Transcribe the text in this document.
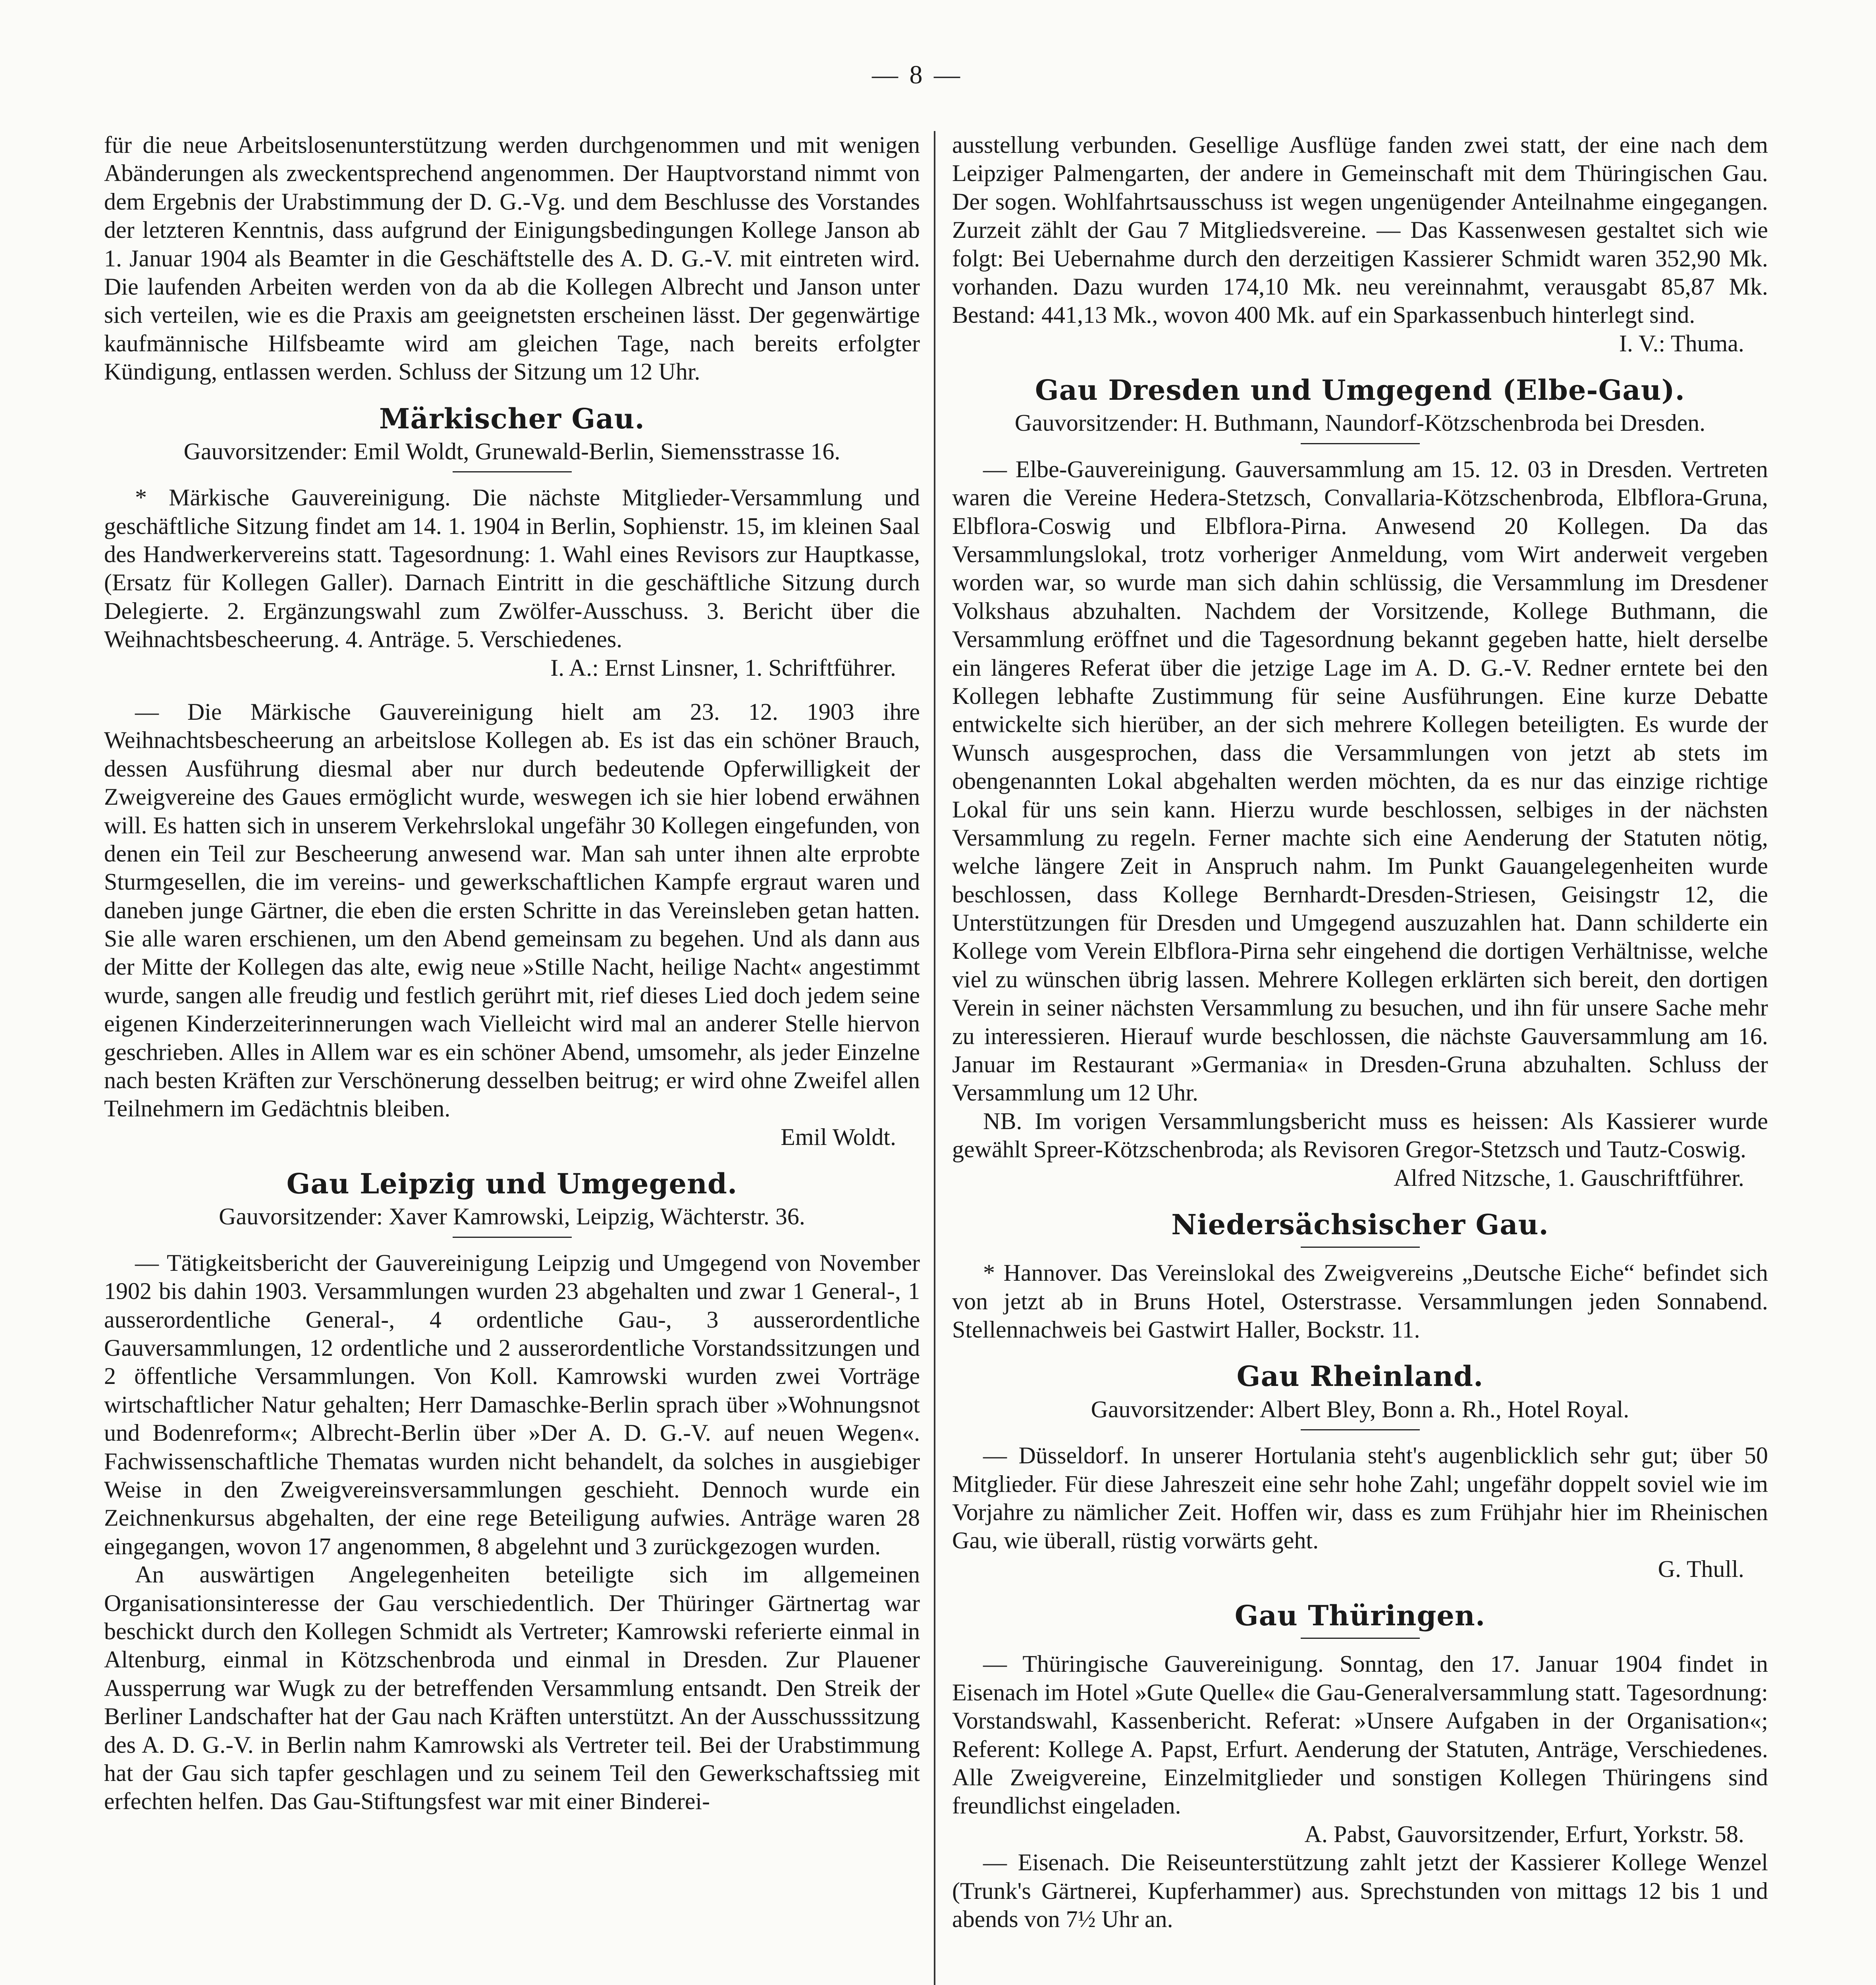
— 8 —

für die neue Arbeitslosenunterstützung werden durchgenommen und mit wenigen Abänderungen als zweckentsprechend angenommen. Der Hauptvorstand nimmt von dem Ergebnis der Urabstimmung der D. G.-Vg. und dem Beschlusse des Vorstandes der letzteren Kenntnis, dass aufgrund der Einigungsbedingungen Kollege Janson ab 1. Januar 1904 als Beamter in die Geschäftstelle des A. D. G.-V. mit eintreten wird. Die laufenden Arbeiten werden von da ab die Kollegen Albrecht und Janson unter sich verteilen, wie es die Praxis am geeignetsten erscheinen lässt. Der gegenwärtige kaufmännische Hilfsbeamte wird am gleichen Tage, nach bereits erfolgter Kündigung, entlassen werden. Schluss der Sitzung um 12 Uhr.

Märkischer Gau.

Gauvorsitzender: Emil Woldt, Grunewald-Berlin, Siemensstrasse 16.

* Märkische Gauvereinigung. Die nächste Mitglieder-Versammlung und geschäftliche Sitzung findet am 14. 1. 1904 in Berlin, Sophienstr. 15, im kleinen Saal des Handwerkervereins statt. Tagesordnung: 1. Wahl eines Revisors zur Hauptkasse, (Ersatz für Kollegen Galler). Darnach Eintritt in die geschäftliche Sitzung durch Delegierte. 2. Ergänzungswahl zum Zwölfer-Ausschuss. 3. Bericht über die Weihnachtsbescheerung. 4. Anträge. 5. Verschiedenes.

I. A.: Ernst Linsner, 1. Schriftführer.

— Die Märkische Gauvereinigung hielt am 23. 12. 1903 ihre Weihnachtsbescheerung an arbeitslose Kollegen ab. Es ist das ein schöner Brauch, dessen Ausführung diesmal aber nur durch bedeutende Opferwilligkeit der Zweigvereine des Gaues ermöglicht wurde, weswegen ich sie hier lobend erwähnen will. Es hatten sich in unserem Verkehrslokal ungefähr 30 Kollegen eingefunden, von denen ein Teil zur Bescheerung anwesend war. Man sah unter ihnen alte erprobte Sturmgesellen, die im vereins- und gewerkschaftlichen Kampfe ergraut waren und daneben junge Gärtner, die eben die ersten Schritte in das Vereinsleben getan hatten. Sie alle waren erschienen, um den Abend gemeinsam zu begehen. Und als dann aus der Mitte der Kollegen das alte, ewig neue »Stille Nacht, heilige Nacht« angestimmt wurde, sangen alle freudig und festlich gerührt mit, rief dieses Lied doch jedem seine eigenen Kinderzeiterinnerungen wach Vielleicht wird mal an anderer Stelle hiervon geschrieben. Alles in Allem war es ein schöner Abend, umsomehr, als jeder Einzelne nach besten Kräften zur Verschönerung desselben beitrug; er wird ohne Zweifel allen Teilnehmern im Gedächtnis bleiben.

Emil Woldt.

Gau Leipzig und Umgegend.

Gauvorsitzender: Xaver Kamrowski, Leipzig, Wächterstr. 36.

— Tätigkeitsbericht der Gauvereinigung Leipzig und Umgegend von November 1902 bis dahin 1903. Versammlungen wurden 23 abgehalten und zwar 1 General-, 1 ausserordentliche General-, 4 ordentliche Gau-, 3 ausserordentliche Gauversammlungen, 12 ordentliche und 2 ausserordentliche Vorstandssitzungen und 2 öffentliche Versammlungen. Von Koll. Kamrowski wurden zwei Vorträge wirtschaftlicher Natur gehalten; Herr Damaschke-Berlin sprach über »Wohnungsnot und Bodenreform«; Albrecht-Berlin über »Der A. D. G.-V. auf neuen Wegen«. Fachwissenschaftliche Thematas wurden nicht behandelt, da solches in ausgiebiger Weise in den Zweigvereinsversammlungen geschieht. Dennoch wurde ein Zeichnenkursus abgehalten, der eine rege Beteiligung aufwies. Anträge waren 28 eingegangen, wovon 17 angenommen, 8 abgelehnt und 3 zurückgezogen wurden.

An auswärtigen Angelegenheiten beteiligte sich im allgemeinen Organisationsinteresse der Gau verschiedentlich. Der Thüringer Gärtnertag war beschickt durch den Kollegen Schmidt als Vertreter; Kamrowski referierte einmal in Altenburg, einmal in Kötzschenbroda und einmal in Dresden. Zur Plauener Aussperrung war Wugk zu der betreffenden Versammlung entsandt. Den Streik der Berliner Landschafter hat der Gau nach Kräften unterstützt. An der Ausschusssitzung des A. D. G.-V. in Berlin nahm Kamrowski als Vertreter teil. Bei der Urabstimmung hat der Gau sich tapfer geschlagen und zu seinem Teil den Gewerkschaftssieg mit erfechten helfen. Das Gau-Stiftungsfest war mit einer Binderei-

ausstellung verbunden. Gesellige Ausflüge fanden zwei statt, der eine nach dem Leipziger Palmengarten, der andere in Gemeinschaft mit dem Thüringischen Gau. Der sogen. Wohlfahrtsausschuss ist wegen ungenügender Anteilnahme eingegangen. Zurzeit zählt der Gau 7 Mitgliedsvereine. — Das Kassenwesen gestaltet sich wie folgt: Bei Uebernahme durch den derzeitigen Kassierer Schmidt waren 352,90 Mk. vorhanden. Dazu wurden 174,10 Mk. neu vereinnahmt, verausgabt 85,87 Mk. Bestand: 441,13 Mk., wovon 400 Mk. auf ein Sparkassenbuch hinterlegt sind.

I. V.: Thuma.

Gau Dresden und Umgegend (Elbe-Gau).

Gauvorsitzender: H. Buthmann, Naundorf-Kötzschenbroda bei Dresden.

— Elbe-Gauvereinigung. Gauversammlung am 15. 12. 03 in Dresden. Vertreten waren die Vereine Hedera-Stetzsch, Convallaria-Kötzschenbroda, Elbflora-Gruna, Elbflora-Coswig und Elbflora-Pirna. Anwesend 20 Kollegen. Da das Versammlungslokal, trotz vorheriger Anmeldung, vom Wirt anderweit vergeben worden war, so wurde man sich dahin schlüssig, die Versammlung im Dresdener Volkshaus abzuhalten. Nachdem der Vorsitzende, Kollege Buthmann, die Versammlung eröffnet und die Tagesordnung bekannt gegeben hatte, hielt derselbe ein längeres Referat über die jetzige Lage im A. D. G.-V. Redner erntete bei den Kollegen lebhafte Zustimmung für seine Ausführungen. Eine kurze Debatte entwickelte sich hierüber, an der sich mehrere Kollegen beteiligten. Es wurde der Wunsch ausgesprochen, dass die Versammlungen von jetzt ab stets im obengenannten Lokal abgehalten werden möchten, da es nur das einzige richtige Lokal für uns sein kann. Hierzu wurde beschlossen, selbiges in der nächsten Versammlung zu regeln. Ferner machte sich eine Aenderung der Statuten nötig, welche längere Zeit in Anspruch nahm. Im Punkt Gauangelegenheiten wurde beschlossen, dass Kollege Bernhardt-Dresden-Striesen, Geisingstr 12, die Unterstützungen für Dresden und Umgegend auszuzahlen hat. Dann schilderte ein Kollege vom Verein Elbflora-Pirna sehr eingehend die dortigen Verhältnisse, welche viel zu wünschen übrig lassen. Mehrere Kollegen erklärten sich bereit, den dortigen Verein in seiner nächsten Versammlung zu besuchen, und ihn für unsere Sache mehr zu interessieren. Hierauf wurde beschlossen, die nächste Gauversammlung am 16. Januar im Restaurant »Germania« in Dresden-Gruna abzuhalten. Schluss der Versammlung um 12 Uhr.

NB. Im vorigen Versammlungsbericht muss es heissen: Als Kassierer wurde gewählt Spreer-Kötzschenbroda; als Revisoren Gregor-Stetzsch und Tautz-Coswig.

Alfred Nitzsche, 1. Gauschriftführer.

Niedersächsischer Gau.

* Hannover. Das Vereinslokal des Zweigvereins „Deutsche Eiche“ befindet sich von jetzt ab in Bruns Hotel, Osterstrasse. Versammlungen jeden Sonnabend. Stellennachweis bei Gastwirt Haller, Bockstr. 11.

Gau Rheinland.

Gauvorsitzender: Albert Bley, Bonn a. Rh., Hotel Royal.

— Düsseldorf. In unserer Hortulania steht's augenblicklich sehr gut; über 50 Mitglieder. Für diese Jahreszeit eine sehr hohe Zahl; ungefähr doppelt soviel wie im Vorjahre zu nämlicher Zeit. Hoffen wir, dass es zum Frühjahr hier im Rheinischen Gau, wie überall, rüstig vorwärts geht.

G. Thull.

Gau Thüringen.

— Thüringische Gauvereinigung. Sonntag, den 17. Januar 1904 findet in Eisenach im Hotel »Gute Quelle« die Gau-Generalversammlung statt. Tagesordnung: Vorstandswahl, Kassenbericht. Referat: »Unsere Aufgaben in der Organisation«; Referent: Kollege A. Papst, Erfurt. Aenderung der Statuten, Anträge, Verschiedenes. Alle Zweigvereine, Einzelmitglieder und sonstigen Kollegen Thüringens sind freundlichst eingeladen.

A. Pabst, Gauvorsitzender, Erfurt, Yorkstr. 58.

— Eisenach. Die Reiseunterstützung zahlt jetzt der Kassierer Kollege Wenzel (Trunk's Gärtnerei, Kupferhammer) aus. Sprechstunden von mittags 12 bis 1 und abends von 7½ Uhr an.
